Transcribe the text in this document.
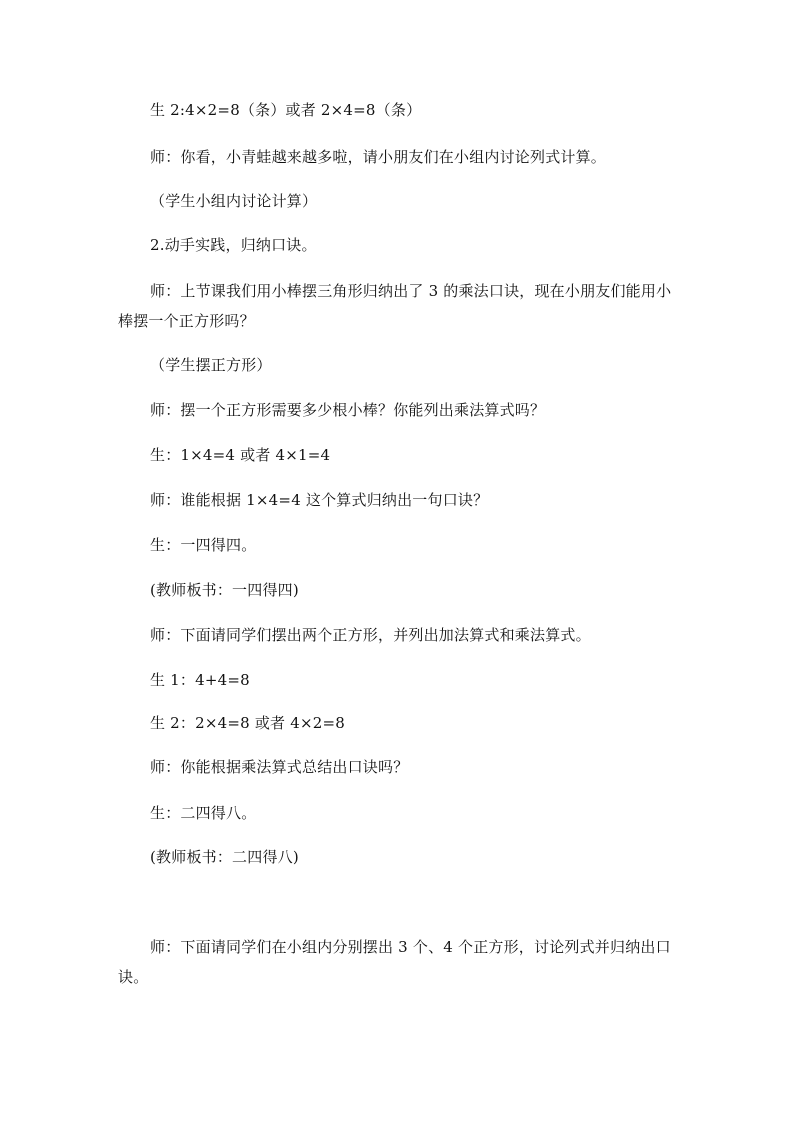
生 2:4×2=8（条）或者 2×4=8（条）

师：你看，小青蛙越来越多啦，请小朋友们在小组内讨论列式计算。

（学生小组内讨论计算）

2.动手实践，归纳口诀。

师：上节课我们用小棒摆三角形归纳出了 3 的乘法口诀，现在小朋友们能用小棒摆一个正方形吗？

（学生摆正方形）

师：摆一个正方形需要多少根小棒？你能列出乘法算式吗？

生：1×4=4 或者 4×1=4

师：谁能根据 1×4=4 这个算式归纳出一句口诀？

生：一四得四。

(教师板书：一四得四)

师：下面请同学们摆出两个正方形，并列出加法算式和乘法算式。

生 1：4+4=8

生 2：2×4=8 或者 4×2=8

师：你能根据乘法算式总结出口诀吗？

生：二四得八。

(教师板书：二四得八)

师：下面请同学们在小组内分别摆出 3 个、4 个正方形，讨论列式并归纳出口诀。
